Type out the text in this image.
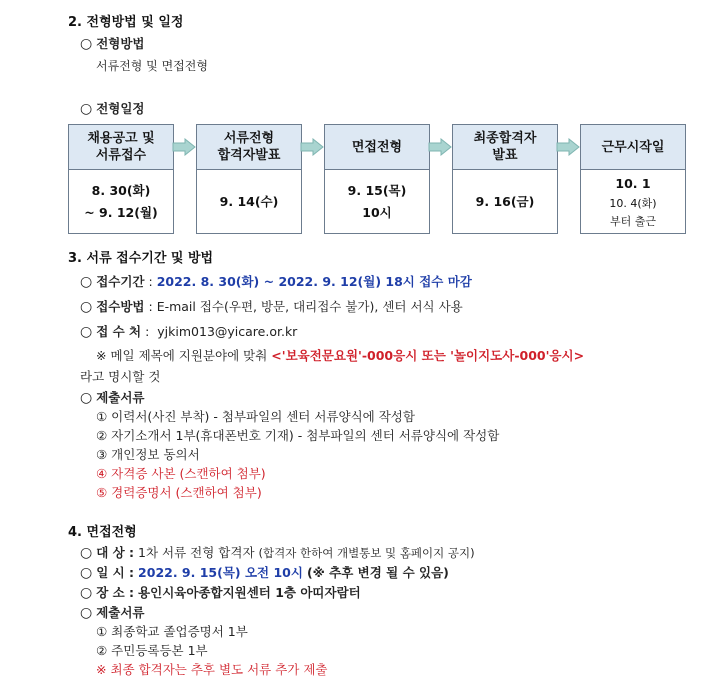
2. 전형방법 및 일정
○ 전형방법
서류전형 및 면접전형
○ 전형일정
채용공고 및
서류접수
8. 30(화)
~ 9. 12(월)
서류전형
합격자발표
9. 14(수)
면접전형
9. 15(목)
10시
최종합격자
발표
9. 16(금)
근무시작일
10. 1
10. 4(화)
부터 출근
3. 서류 접수기간 및 방법
○ 접수기간 : 2022. 8. 30(화) ~ 2022. 9. 12(월) 18시 접수 마감
○ 접수방법 : E-mail 접수(우편, 방문, 대리접수 불가), 센터 서식 사용
○ 접 수 처 :  yjkim013@yicare.or.kr
※ 메일 제목에 지원분야에 맞춰 <'보육전문요원'-000응시 또는 '놀이지도사-000'응시>
라고 명시할 것
○ 제출서류
① 이력서(사진 부착) - 첨부파일의 센터 서류양식에 작성함
② 자기소개서 1부(휴대폰번호 기재) - 첨부파일의 센터 서류양식에 작성함
③ 개인정보 동의서
④ 자격증 사본 (스캔하여 첨부)
⑤ 경력증명서 (스캔하여 첨부)
4. 면접전형
○ 대 상 : 1차 서류 전형 합격자 (합격자 한하여 개별통보 및 홈페이지 공지)
○ 일 시 : 2022. 9. 15(목) 오전 10시 (※ 추후 변경 될 수 있음)
○ 장 소 : 용인시육아종합지원센터 1층 아띠자람터
○ 제출서류
① 최종학교 졸업증명서 1부
② 주민등록등본 1부
※ 최종 합격자는 추후 별도 서류 추가 제출
